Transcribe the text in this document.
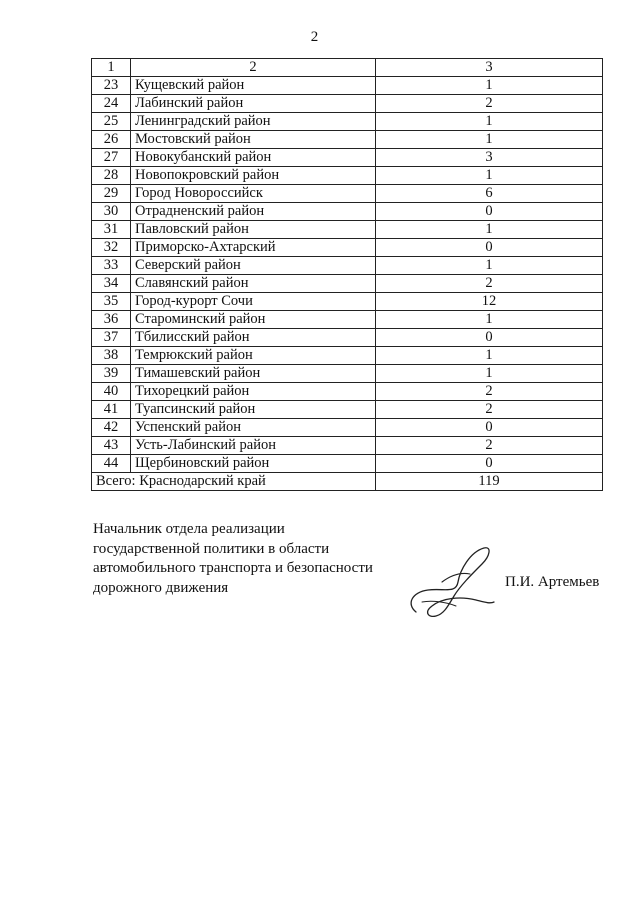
2
1	2	3
23	Кущевский район	1
24	Лабинский район	2
25	Ленинградский район	1
26	Мостовский район	1
27	Новокубанский район	3
28	Новопокровский район	1
29	Город Новороссийск	6
30	Отрадненский район	0
31	Павловский район	1
32	Приморско-Ахтарский	0
33	Северский район	1
34	Славянский район	2
35	Город-курорт Сочи	12
36	Староминский район	1
37	Тбилисский район	0
38	Темрюкский район	1
39	Тимашевский район	1
40	Тихорецкий район	2
41	Туапсинский район	2
42	Успенский район	0
43	Усть-Лабинский район	2
44	Щербиновский район	0
Всего: Краснодарский край		119
Начальник отдела реализации
государственной политики в области
автомобильного транспорта и безопасности
дорожного движения	П.И. Артемьев
